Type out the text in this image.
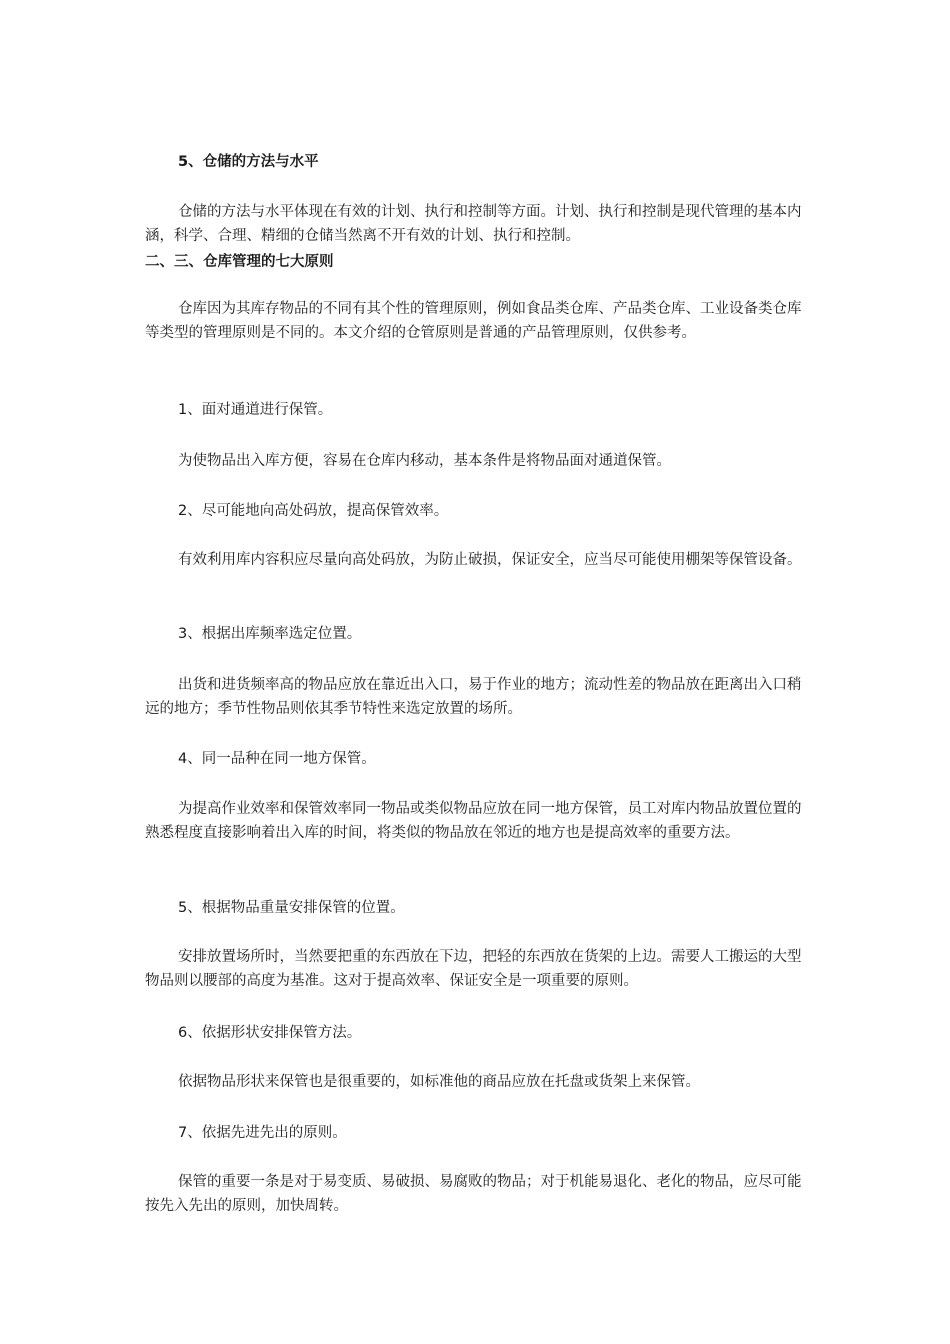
5、仓储的方法与水平

仓储的方法与水平体现在有效的计划、执行和控制等方面。计划、执行和控制是现代管理的基本内涵，科学、合理、精细的仓储当然离不开有效的计划、执行和控制。

二、三、仓库管理的七大原则

仓库因为其库存物品的不同有其个性的管理原则，例如食品类仓库、产品类仓库、工业设备类仓库等类型的管理原则是不同的。本文介绍的仓管原则是普通的产品管理原则，仅供参考。

1、面对通道进行保管。

为使物品出入库方便，容易在仓库内移动，基本条件是将物品面对通道保管。

2、尽可能地向高处码放，提高保管效率。

有效利用库内容积应尽量向高处码放，为防止破损，保证安全，应当尽可能使用棚架等保管设备。

3、根据出库频率选定位置。

出货和进货频率高的物品应放在靠近出入口，易于作业的地方；流动性差的物品放在距离出入口稍远的地方；季节性物品则依其季节特性来选定放置的场所。

4、同一品种在同一地方保管。

为提高作业效率和保管效率同一物品或类似物品应放在同一地方保管，员工对库内物品放置位置的熟悉程度直接影响着出入库的时间，将类似的物品放在邻近的地方也是提高效率的重要方法。

5、根据物品重量安排保管的位置。

安排放置场所时，当然要把重的东西放在下边，把轻的东西放在货架的上边。需要人工搬运的大型物品则以腰部的高度为基准。这对于提高效率、保证安全是一项重要的原则。

6、依据形状安排保管方法。

依据物品形状来保管也是很重要的，如标准他的商品应放在托盘或货架上来保管。

7、依据先进先出的原则。

保管的重要一条是对于易变质、易破损、易腐败的物品；对于机能易退化、老化的物品，应尽可能按先入先出的原则，加快周转。
